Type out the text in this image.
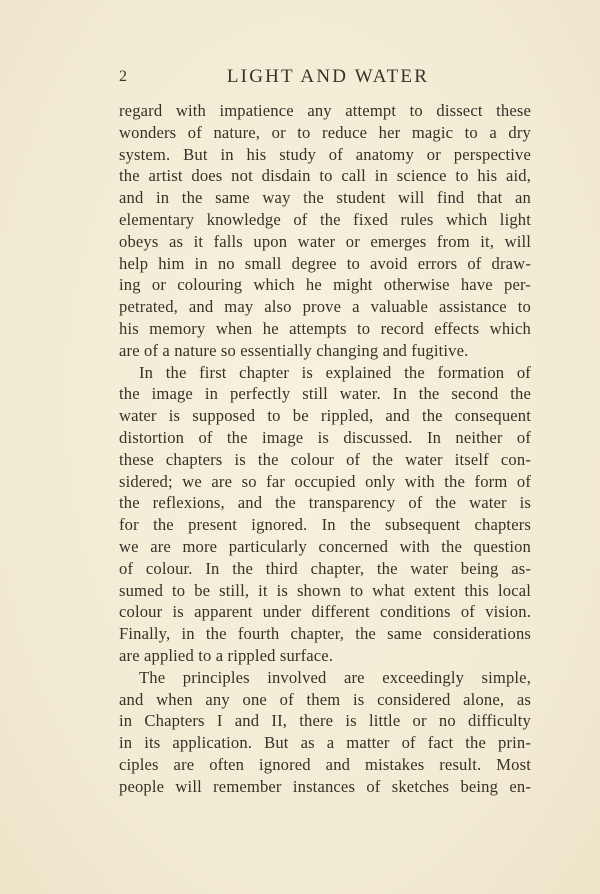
2	LIGHT AND WATER
regard with impatience any attempt to dissect these
wonders of nature, or to reduce her magic to a dry
system. But in his study of anatomy or perspective
the artist does not disdain to call in science to his aid,
and in the same way the student will find that an
elementary knowledge of the fixed rules which light
obeys as it falls upon water or emerges from it, will
help him in no small degree to avoid errors of draw-
ing or colouring which he might otherwise have per-
petrated, and may also prove a valuable assistance to
his memory when he attempts to record effects which
are of a nature so essentially changing and fugitive.
In the first chapter is explained the formation of
the image in perfectly still water. In the second the
water is supposed to be rippled, and the consequent
distortion of the image is discussed. In neither of
these chapters is the colour of the water itself con-
sidered; we are so far occupied only with the form of
the reflexions, and the transparency of the water is
for the present ignored. In the subsequent chapters
we are more particularly concerned with the question
of colour. In the third chapter, the water being as-
sumed to be still, it is shown to what extent this local
colour is apparent under different conditions of vision.
Finally, in the fourth chapter, the same considerations
are applied to a rippled surface.
The principles involved are exceedingly simple,
and when any one of them is considered alone, as
in Chapters I and II, there is little or no difficulty
in its application. But as a matter of fact the prin-
ciples are often ignored and mistakes result. Most
people will remember instances of sketches being en-
